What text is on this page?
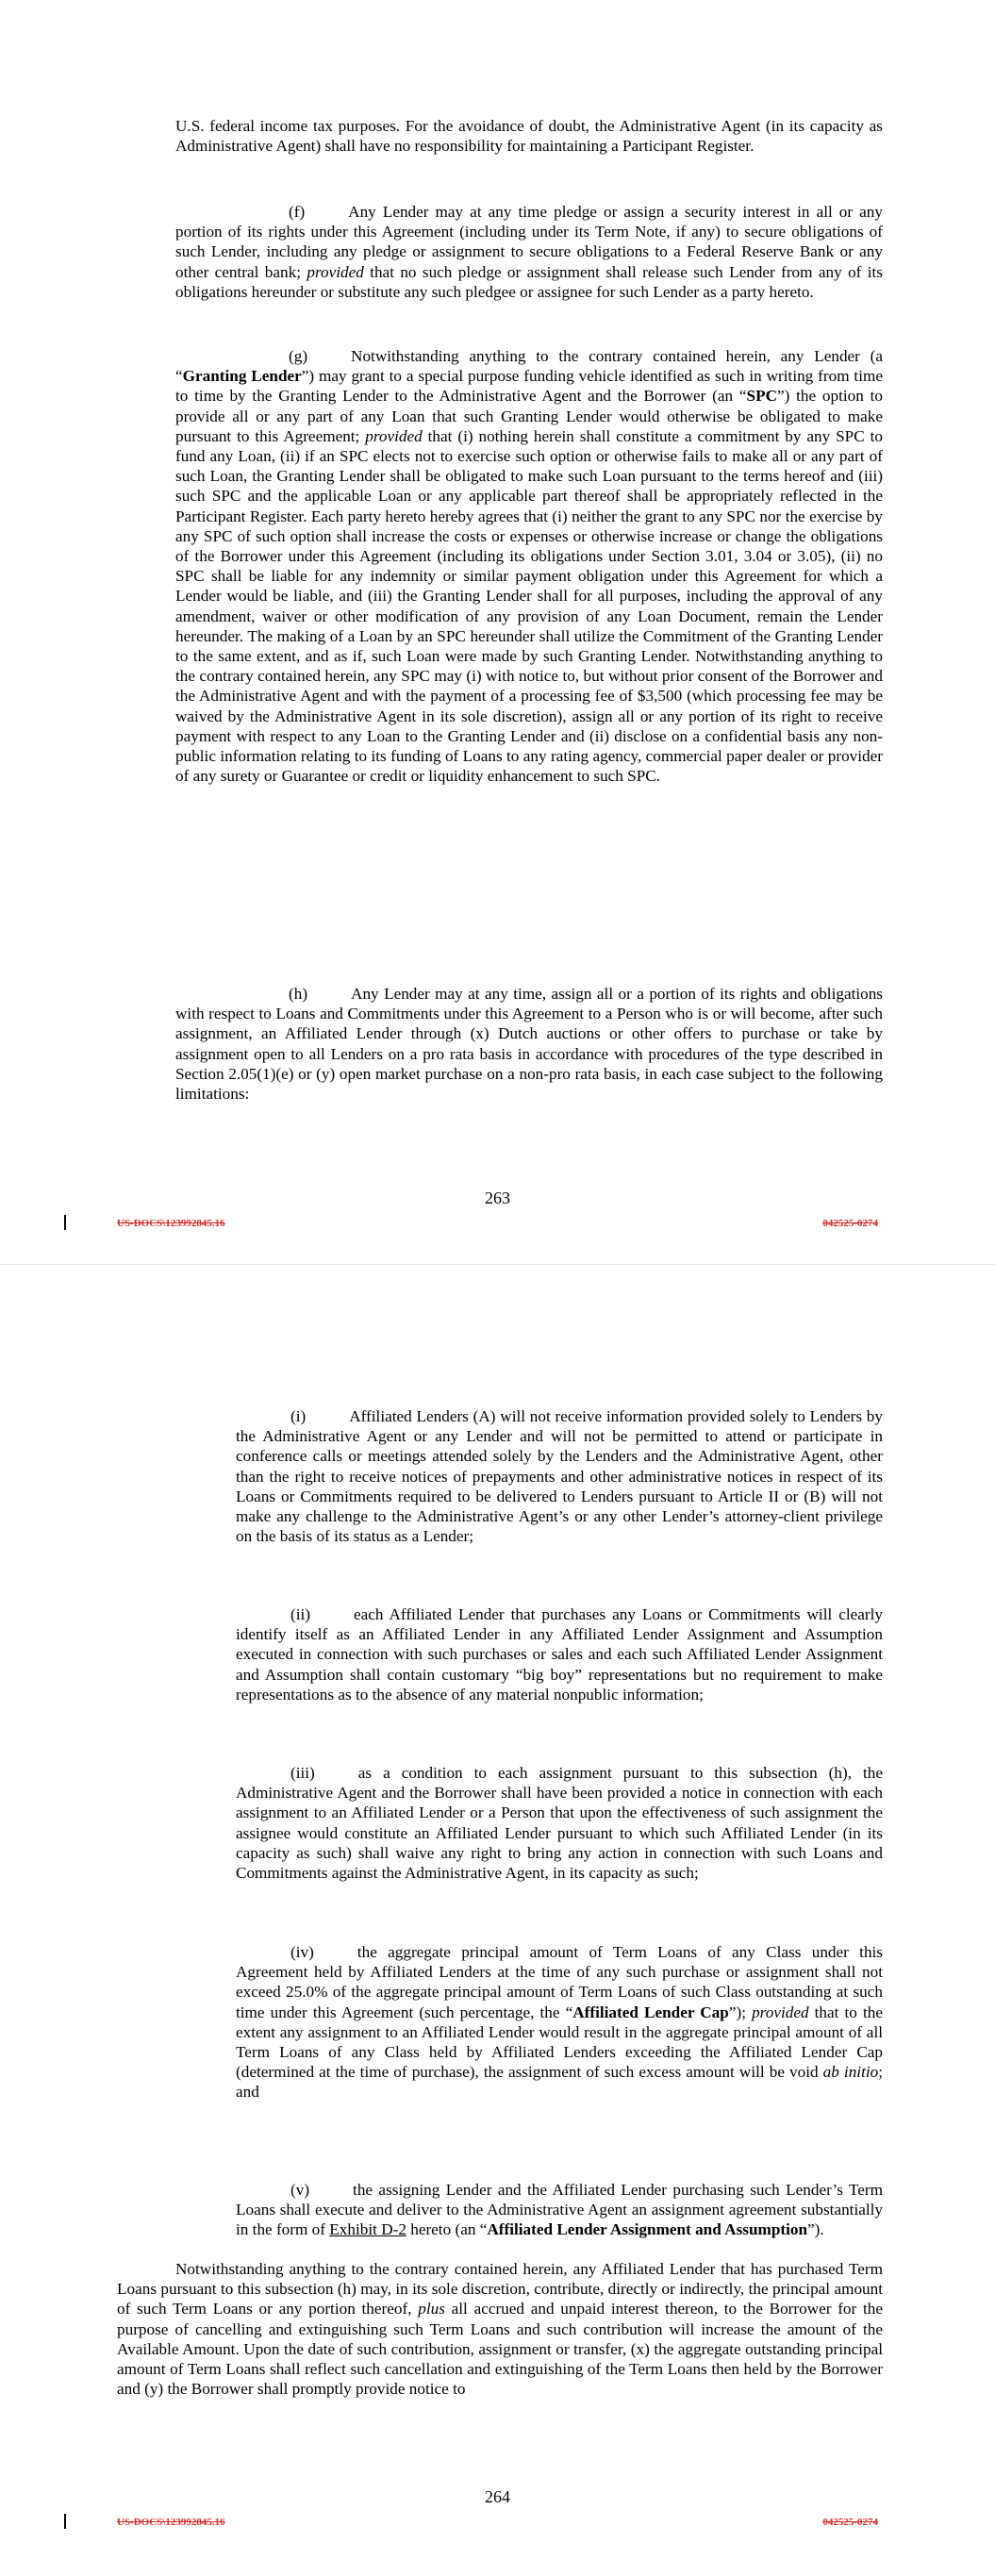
U.S. federal income tax purposes. For the avoidance of doubt, the Administrative Agent (in its capacity as Administrative Agent) shall have no responsibility for maintaining a Participant Register.

(f)	Any Lender may at any time pledge or assign a security interest in all or any portion of its rights under this Agreement (including under its Term Note, if any) to secure obligations of such Lender, including any pledge or assignment to secure obligations to a Federal Reserve Bank or any other central bank; provided that no such pledge or assignment shall release such Lender from any of its obligations hereunder or substitute any such pledgee or assignee for such Lender as a party hereto.

(g)	Notwithstanding anything to the contrary contained herein, any Lender (a “Granting Lender”) may grant to a special purpose funding vehicle identified as such in writing from time to time by the Granting Lender to the Administrative Agent and the Borrower (an “SPC”) the option to provide all or any part of any Loan that such Granting Lender would otherwise be obligated to make pursuant to this Agreement; provided that (i) nothing herein shall constitute a commitment by any SPC to fund any Loan, (ii) if an SPC elects not to exercise such option or otherwise fails to make all or any part of such Loan, the Granting Lender shall be obligated to make such Loan pursuant to the terms hereof and (iii) such SPC and the applicable Loan or any applicable part thereof shall be appropriately reflected in the Participant Register. Each party hereto hereby agrees that (i) neither the grant to any SPC nor the exercise by any SPC of such option shall increase the costs or expenses or otherwise increase or change the obligations of the Borrower under this Agreement (including its obligations under Section 3.01, 3.04 or 3.05), (ii) no SPC shall be liable for any indemnity or similar payment obligation under this Agreement for which a Lender would be liable, and (iii) the Granting Lender shall for all purposes, including the approval of any amendment, waiver or other modification of any provision of any Loan Document, remain the Lender hereunder. The making of a Loan by an SPC hereunder shall utilize the Commitment of the Granting Lender to the same extent, and as if, such Loan were made by such Granting Lender. Notwithstanding anything to the contrary contained herein, any SPC may (i) with notice to, but without prior consent of the Borrower and the Administrative Agent and with the payment of a processing fee of $3,500 (which processing fee may be waived by the Administrative Agent in its sole discretion), assign all or any portion of its right to receive payment with respect to any Loan to the Granting Lender and (ii) disclose on a confidential basis any non-public information relating to its funding of Loans to any rating agency, commercial paper dealer or provider of any surety or Guarantee or credit or liquidity enhancement to such SPC.

(h)	Any Lender may at any time, assign all or a portion of its rights and obligations with respect to Loans and Commitments under this Agreement to a Person who is or will become, after such assignment, an Affiliated Lender through (x) Dutch auctions or other offers to purchase or take by assignment open to all Lenders on a pro rata basis in accordance with procedures of the type described in Section 2.05(1)(e) or (y) open market purchase on a non-pro rata basis, in each case subject to the following limitations:

263
US-DOCS\123992845.16	042525-0274

(i)	Affiliated Lenders (A) will not receive information provided solely to Lenders by the Administrative Agent or any Lender and will not be permitted to attend or participate in conference calls or meetings attended solely by the Lenders and the Administrative Agent, other than the right to receive notices of prepayments and other administrative notices in respect of its Loans or Commitments required to be delivered to Lenders pursuant to Article II or (B) will not make any challenge to the Administrative Agent’s or any other Lender’s attorney-client privilege on the basis of its status as a Lender;

(ii)	each Affiliated Lender that purchases any Loans or Commitments will clearly identify itself as an Affiliated Lender in any Affiliated Lender Assignment and Assumption executed in connection with such purchases or sales and each such Affiliated Lender Assignment and Assumption shall contain customary “big boy” representations but no requirement to make representations as to the absence of any material nonpublic information;

(iii)	as a condition to each assignment pursuant to this subsection (h), the Administrative Agent and the Borrower shall have been provided a notice in connection with each assignment to an Affiliated Lender or a Person that upon the effectiveness of such assignment the assignee would constitute an Affiliated Lender pursuant to which such Affiliated Lender (in its capacity as such) shall waive any right to bring any action in connection with such Loans and Commitments against the Administrative Agent, in its capacity as such;

(iv)	the aggregate principal amount of Term Loans of any Class under this Agreement held by Affiliated Lenders at the time of any such purchase or assignment shall not exceed 25.0% of the aggregate principal amount of Term Loans of such Class outstanding at such time under this Agreement (such percentage, the “Affiliated Lender Cap”); provided that to the extent any assignment to an Affiliated Lender would result in the aggregate principal amount of all Term Loans of any Class held by Affiliated Lenders exceeding the Affiliated Lender Cap (determined at the time of purchase), the assignment of such excess amount will be void ab initio; and

(v)	the assigning Lender and the Affiliated Lender purchasing such Lender’s Term Loans shall execute and deliver to the Administrative Agent an assignment agreement substantially in the form of Exhibit D-2 hereto (an “Affiliated Lender Assignment and Assumption”).

Notwithstanding anything to the contrary contained herein, any Affiliated Lender that has purchased Term Loans pursuant to this subsection (h) may, in its sole discretion, contribute, directly or indirectly, the principal amount of such Term Loans or any portion thereof, plus all accrued and unpaid interest thereon, to the Borrower for the purpose of cancelling and extinguishing such Term Loans and such contribution will increase the amount of the Available Amount. Upon the date of such contribution, assignment or transfer, (x) the aggregate outstanding principal amount of Term Loans shall reflect such cancellation and extinguishing of the Term Loans then held by the Borrower and (y) the Borrower shall promptly provide notice to

264
US-DOCS\123992845.16	042525-0274
